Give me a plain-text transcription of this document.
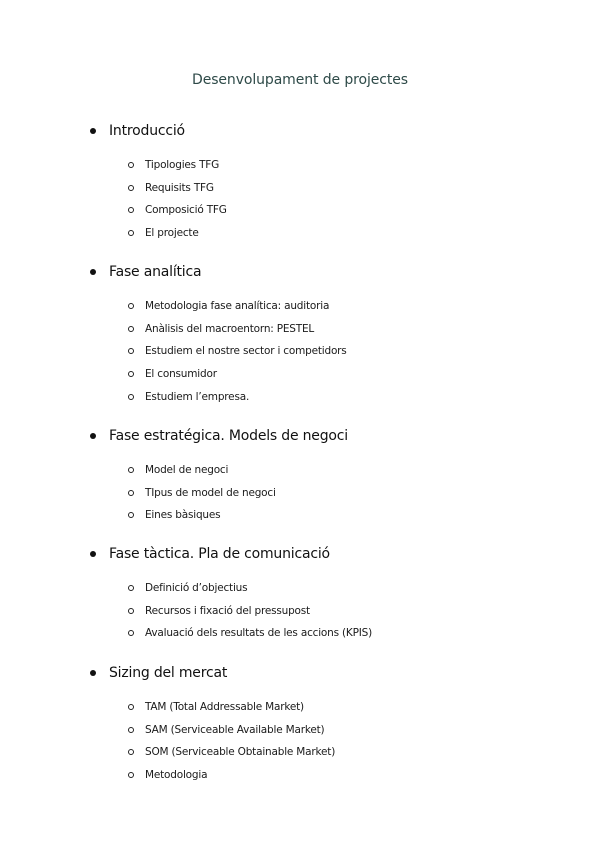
Desenvolupament de projectes
Introducció
Tipologies TFG
Requisits TFG
Composició TFG
El projecte
Fase analítica
Metodologia fase analítica: auditoria
Anàlisis del macroentorn: PESTEL
Estudiem el nostre sector i competidors
El consumidor
Estudiem l’empresa.
Fase estratégica. Models de negoci
Model de negoci
TIpus de model de negoci
Eines bàsiques
Fase tàctica. Pla de comunicació
Definició d’objectius
Recursos i fixació del pressupost
Avaluació dels resultats de les accions (KPIS)
Sizing del mercat
TAM (Total Addressable Market)
SAM (Serviceable Available Market)
SOM (Serviceable Obtainable Market)
Metodologia
